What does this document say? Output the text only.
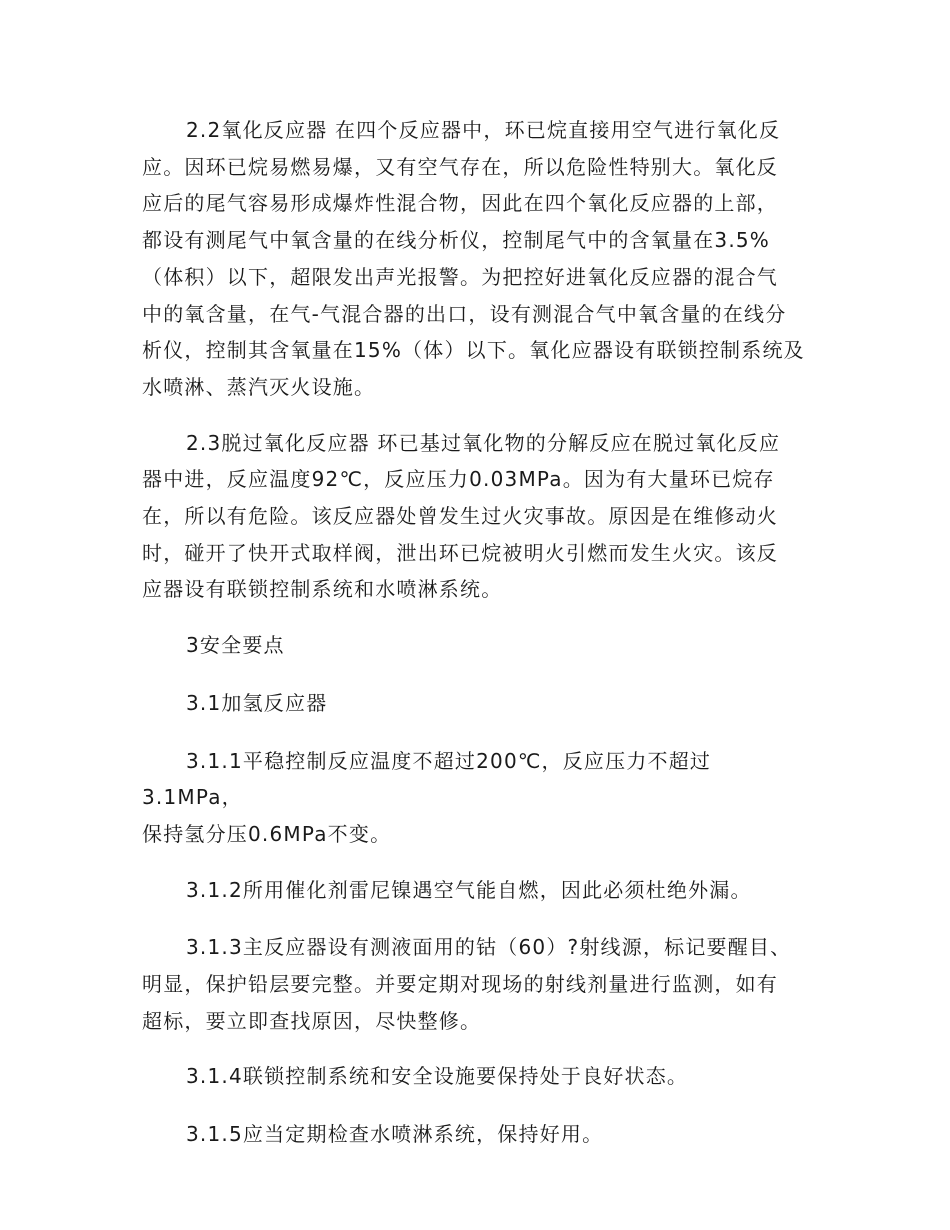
2.2氧化反应器 在四个反应器中，环已烷直接用空气进行氧化反
应。因环已烷易燃易爆，又有空气存在，所以危险性特别大。氧化反
应后的尾气容易形成爆炸性混合物，因此在四个氧化反应器的上部，
都设有测尾气中氧含量的在线分析仪，控制尾气中的含氧量在3.5%
（体积）以下，超限发出声光报警。为把控好进氧化反应器的混合气
中的氧含量，在气-气混合器的出口，设有测混合气中氧含量的在线分
析仪，控制其含氧量在15%（体）以下。氧化应器设有联锁控制系统及
水喷淋、蒸汽灭火设施。

2.3脱过氧化反应器 环已基过氧化物的分解反应在脱过氧化反应
器中进，反应温度92℃，反应压力0.03MPa。因为有大量环已烷存
在，所以有危险。该反应器处曾发生过火灾事故。原因是在维修动火
时，碰开了快开式取样阀，泄出环已烷被明火引燃而发生火灾。该反
应器设有联锁控制系统和水喷淋系统。

3安全要点

3.1加氢反应器

3.1.1平稳控制反应温度不超过200℃，反应压力不超过3.1MPa，
保持氢分压0.6MPa不变。

3.1.2所用催化剂雷尼镍遇空气能自燃，因此必须杜绝外漏。

3.1.3主反应器设有测液面用的钴（60）?射线源，标记要醒目、
明显，保护铅层要完整。并要定期对现场的射线剂量进行监测，如有
超标，要立即查找原因，尽快整修。

3.1.4联锁控制系统和安全设施要保持处于良好状态。

3.1.5应当定期检查水喷淋系统，保持好用。
